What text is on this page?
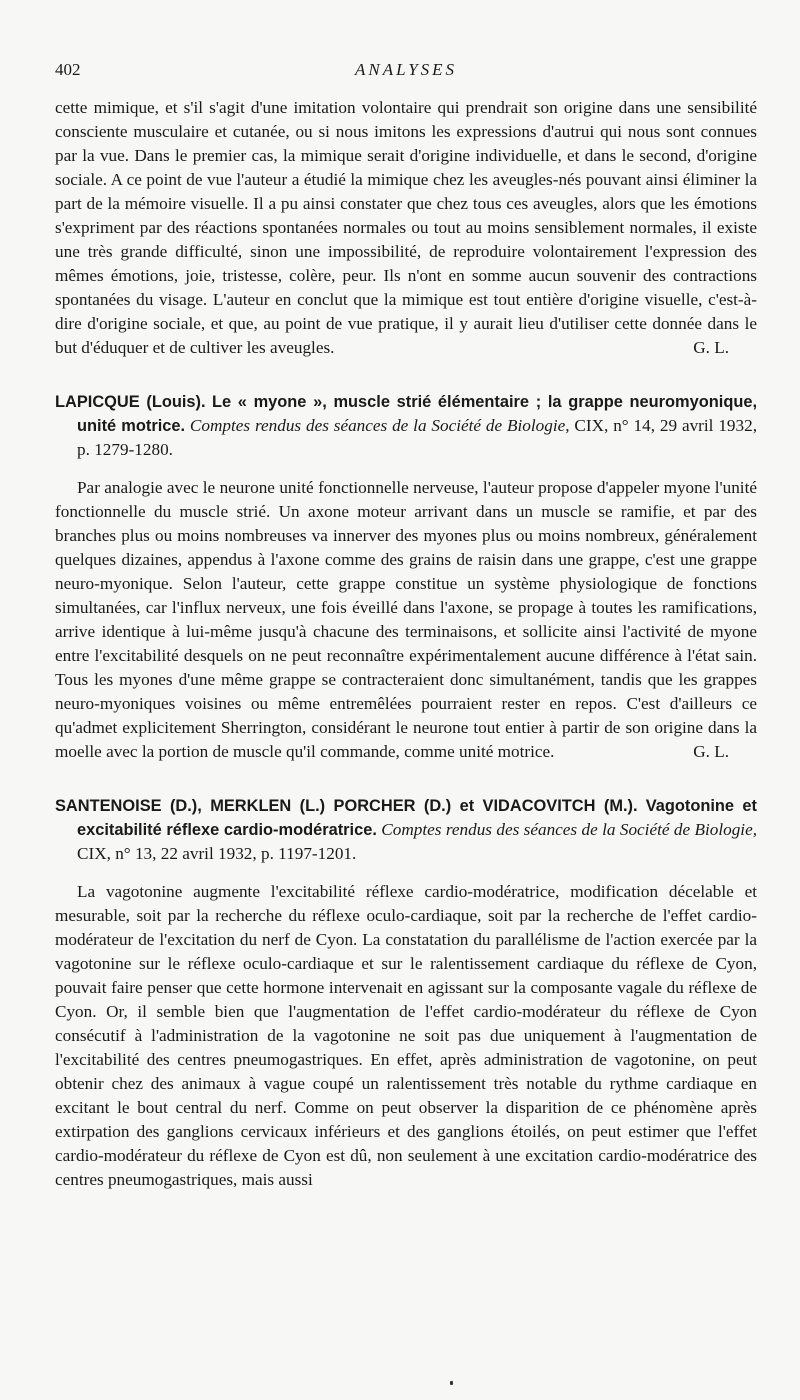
402	ANALYSES

cette mimique, et s'il s'agit d'une imitation volontaire qui prendrait son origine dans une sensibilité consciente musculaire et cutanée, ou si nous imitons les expressions d'autrui qui nous sont connues par la vue. Dans le premier cas, la mimique serait d'origine individuelle, et dans le second, d'origine sociale. A ce point de vue l'auteur a étudié la mimique chez les aveugles-nés pouvant ainsi éliminer la part de la mémoire visuelle. Il a pu ainsi constater que chez tous ces aveugles, alors que les émotions s'expriment par des réactions spontanées normales ou tout au moins sensiblement normales, il existe une très grande difficulté, sinon une impossibilité, de reproduire volontairement l'expression des mêmes émotions, joie, tristesse, colère, peur. Ils n'ont en somme aucun souvenir des contractions spontanées du visage. L'auteur en conclut que la mimique est tout entière d'origine visuelle, c'est-à-dire d'origine sociale, et que, au point de vue pratique, il y aurait lieu d'utiliser cette donnée dans le but d'éduquer et de cultiver les aveugles.	G. L.

LAPICQUE (Louis). Le « myone », muscle strié élémentaire ; la grappe neuromyonique, unité motrice. Comptes rendus des séances de la Société de Biologie, CIX, n° 14, 29 avril 1932, p. 1279-1280.

Par analogie avec le neurone unité fonctionnelle nerveuse, l'auteur propose d'appeler myone l'unité fonctionnelle du muscle strié. Un axone moteur arrivant dans un muscle se ramifie, et par des branches plus ou moins nombreuses va innerver des myones plus ou moins nombreux, généralement quelques dizaines, appendus à l'axone comme des grains de raisin dans une grappe, c'est une grappe neuro-myonique. Selon l'auteur, cette grappe constitue un système physiologique de fonctions simultanées, car l'influx nerveux, une fois éveillé dans l'axone, se propage à toutes les ramifications, arrive identique à lui-même jusqu'à chacune des terminaisons, et sollicite ainsi l'activité de myone entre l'excitabilité desquels on ne peut reconnaître expérimentalement aucune différence à l'état sain. Tous les myones d'une même grappe se contracteraient donc simultanément, tandis que les grappes neuro-myoniques voisines ou même entremêlées pourraient rester en repos. C'est d'ailleurs ce qu'admet explicitement Sherrington, considérant le neurone tout entier à partir de son origine dans la moelle avec la portion de muscle qu'il commande, comme unité motrice.	G. L.

SANTENOISE (D.), MERKLEN (L.) PORCHER (D.) et VIDACOVITCH (M.). Vagotonine et excitabilité réflexe cardio-modératrice. Comptes rendus des séances de la Société de Biologie, CIX, n° 13, 22 avril 1932, p. 1197-1201.

La vagotonine augmente l'excitabilité réflexe cardio-modératrice, modification décelable et mesurable, soit par la recherche du réflexe oculo-cardiaque, soit par la recherche de l'effet cardio-modérateur de l'excitation du nerf de Cyon. La constatation du parallélisme de l'action exercée par la vagotonine sur le réflexe oculo-cardiaque et sur le ralentissement cardiaque du réflexe de Cyon, pouvait faire penser que cette hormone intervenait en agissant sur la composante vagale du réflexe de Cyon. Or, il semble bien que l'augmentation de l'effet cardio-modérateur du réflexe de Cyon consécutif à l'administration de la vagotonine ne soit pas due uniquement à l'augmentation de l'excitabilité des centres pneumogastriques. En effet, après administration de vagotonine, on peut obtenir chez des animaux à vague coupé un ralentissement très notable du rythme cardiaque en excitant le bout central du nerf. Comme on peut observer la disparition de ce phénomène après extirpation des ganglions cervicaux inférieurs et des ganglions étoilés, on peut estimer que l'effet cardio-modérateur du réflexe de Cyon est dû, non seulement à une excitation cardio-modératrice des centres pneumogastriques, mais aussi
